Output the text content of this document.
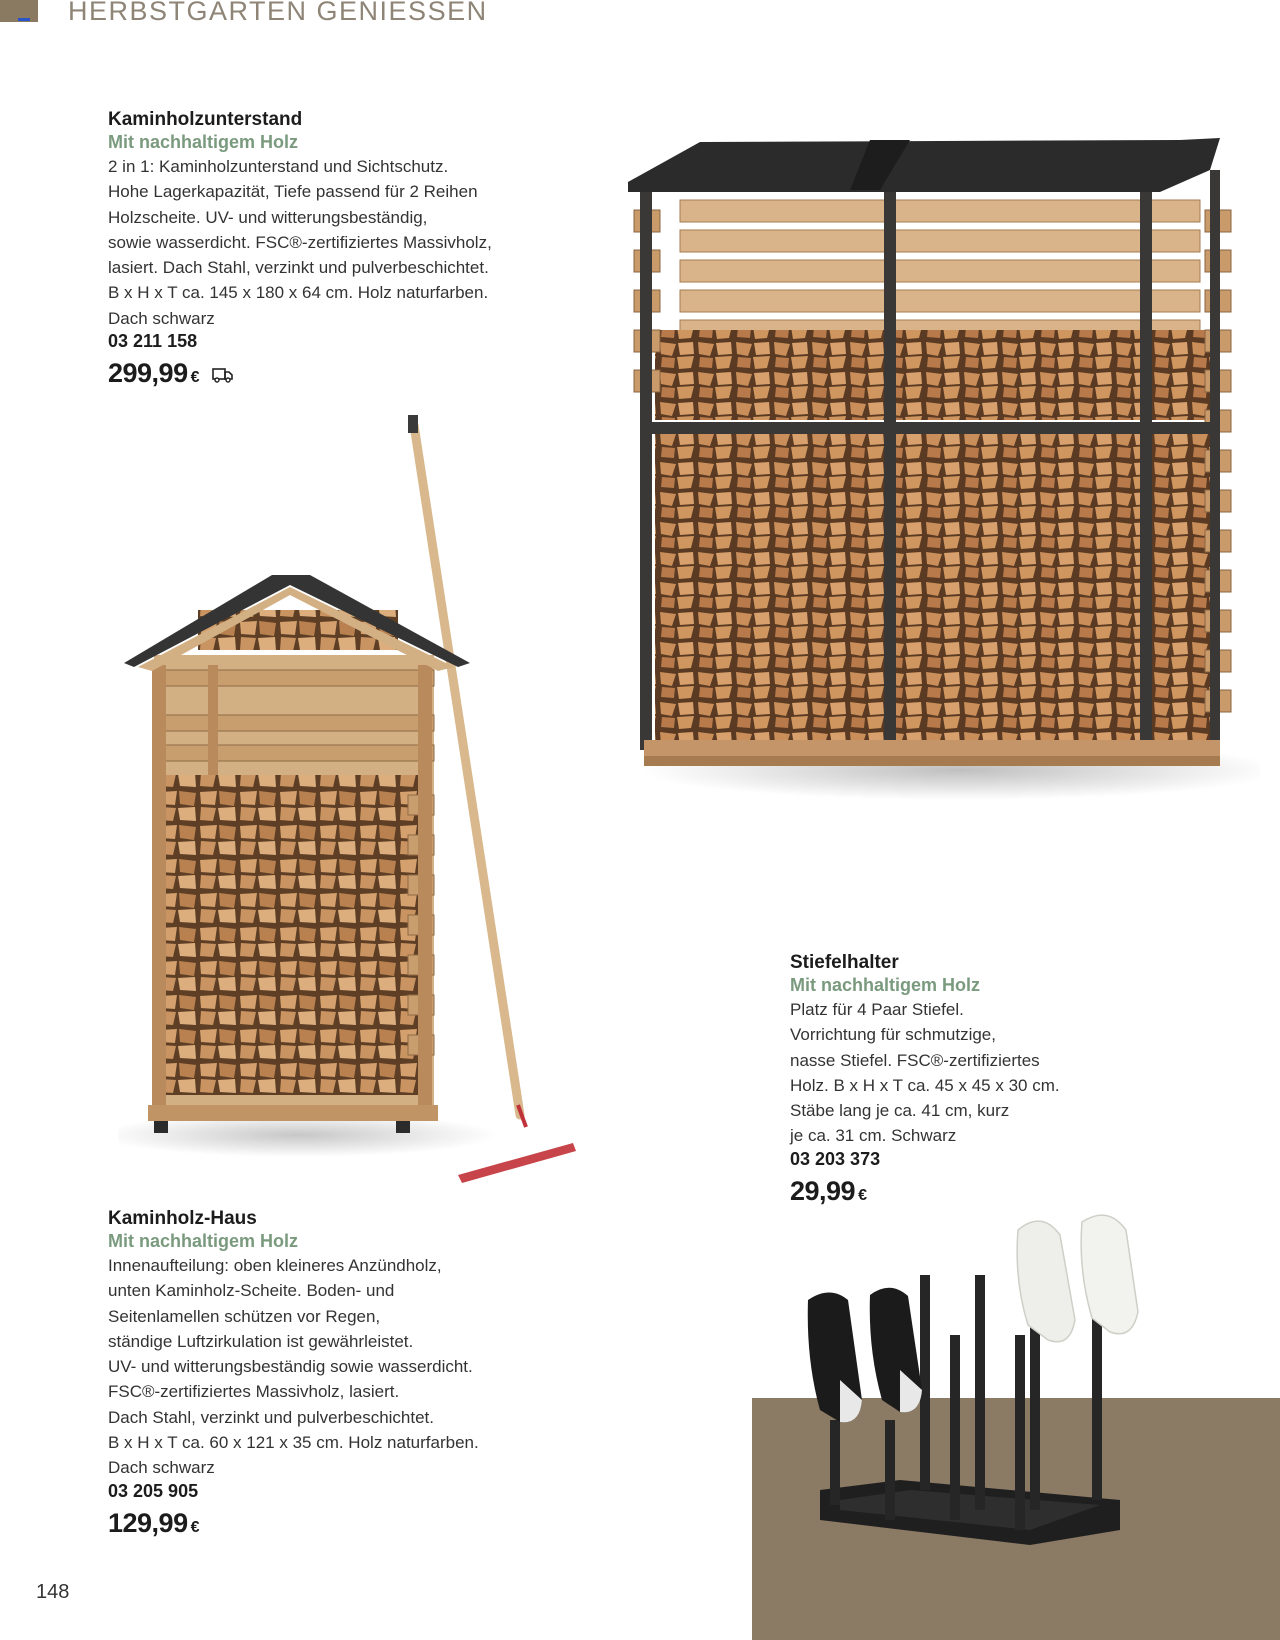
HERBSTGARTEN GENIESSEN
Kaminholzunterstand
Mit nachhaltigem Holz
2 in 1: Kaminholzunterstand und Sichtschutz.
Hohe Lagerkapazität, Tiefe passend für 2 Reihen
Holzscheite. UV- und witterungsbeständig,
sowie wasserdicht. FSC®-zertifiziertes Massivholz,
lasiert. Dach Stahl, verzinkt und pulverbeschichtet.
B x H x T ca. 145 x 180 x 64 cm. Holz naturfarben.
Dach schwarz
03 211 158
299,99 €
Kaminholz-Haus
Mit nachhaltigem Holz
Innenaufteilung: oben kleineres Anzündholz,
unten Kaminholz-Scheite. Boden- und
Seitenlamellen schützen vor Regen,
ständige Luftzirkulation ist gewährleistet.
UV- und witterungsbeständig sowie wasserdicht.
FSC®-zertifiziertes Massivholz, lasiert.
Dach Stahl, verzinkt und pulverbeschichtet.
B x H x T ca. 60 x 121 x 35 cm. Holz naturfarben.
Dach schwarz
03 205 905
129,99 €
Stiefelhalter
Mit nachhaltigem Holz
Platz für 4 Paar Stiefel.
Vorrichtung für schmutzige,
nasse Stiefel. FSC®-zertifiziertes
Holz. B x H x T ca. 45 x 45 x 30 cm.
Stäbe lang je ca. 41 cm, kurz
je ca. 31 cm. Schwarz
03 203 373
29,99 €
148
